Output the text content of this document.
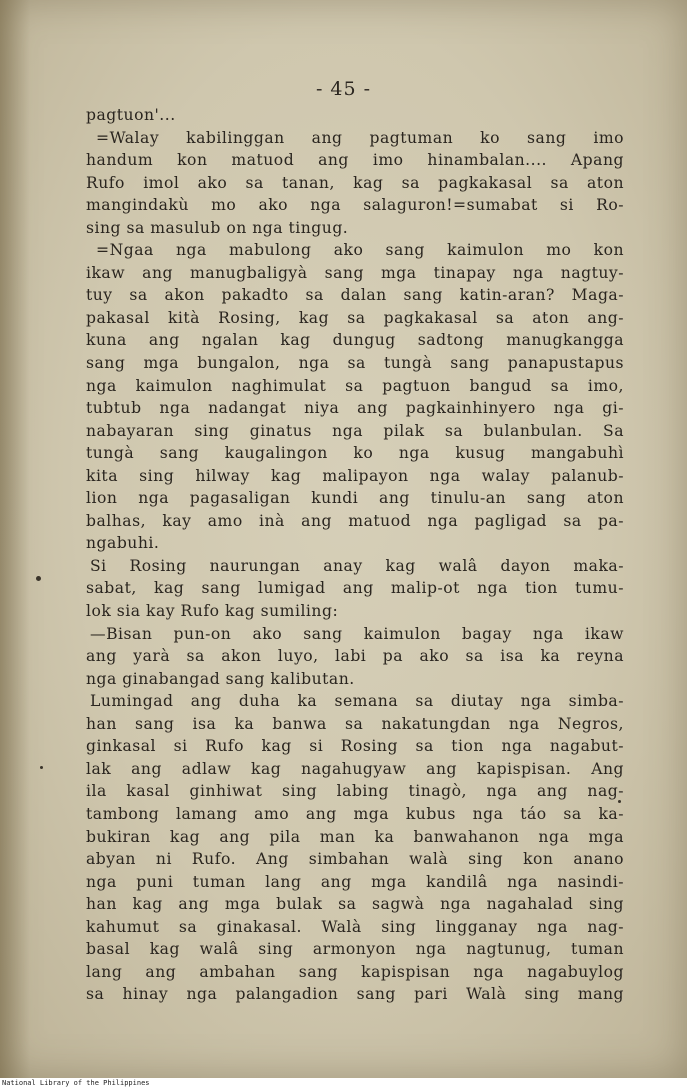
- 45 -
pagtuon'...
=Walay kabilinggan ang pagtuman ko sang imo
handum kon matuod ang imo hinambalan.... Apang
Rufo imol ako sa tanan, kag sa pagkakasal sa aton
mangindakù mo ako nga salaguron!=sumabat si Ro-
sing sa masulub on nga tingug.
=Ngaa nga mabulong ako sang kaimulon mo kon
ikaw ang manugbaligyà sang mga tinapay nga nagtuy-
tuy sa akon pakadto sa dalan sang katin-aran? Maga-
pakasal kità Rosing, kag sa pagkakasal sa aton ang-
kuna ang ngalan kag dungug sadtong manugkangga
sang mga bungalon, nga sa tungà sang panapustapus
nga kaimulon naghimulat sa pagtuon bangud sa imo,
tubtub nga nadangat niya ang pagkainhinyero nga gi-
nabayaran sing ginatus nga pilak sa bulanbulan. Sa
tungà sang kaugalingon ko nga kusug mangabuhì
kita sing hilway kag malipayon nga walay palanub-
lion nga pagasaligan kundi ang tinulu-an sang aton
balhas, kay amo inà ang matuod nga pagligad sa pa-
ngabuhi.
Si Rosing naurungan anay kag walâ dayon maka-
sabat, kag sang lumigad ang malip-ot nga tion tumu-
lok sia kay Rufo kag sumiling:
—Bisan pun-on ako sang kaimulon bagay nga ikaw
ang yarà sa akon luyo, labi pa ako sa isa ka reyna
nga ginabangad sang kalibutan.
Lumingad ang duha ka semana sa diutay nga simba-
han sang isa ka banwa sa nakatungdan nga Negros,
ginkasal si Rufo kag si Rosing sa tion nga nagabut-
lak ang adlaw kag nagahugyaw ang kapispisan. Ang
ila kasal ginhiwat sing labing tinagò, nga ang nag-
tambong lamang amo ang mga kubus nga táo sa ka-
bukiran kag ang pila man ka banwahanon nga mga
abyan ni Rufo. Ang simbahan walà sing kon anano
nga puni tuman lang ang mga kandilâ nga nasindi-
han kag ang mga bulak sa sagwà nga nagahalad sing
kahumut sa ginakasal. Walà sing lingganay nga nag-
basal kag walâ sing armonyon nga nagtunug, tuman
lang ang ambahan sang kapispisan nga nagabuylog
sa hinay nga palangadion sang pari Walà sing mang
National Library of the Philippines
